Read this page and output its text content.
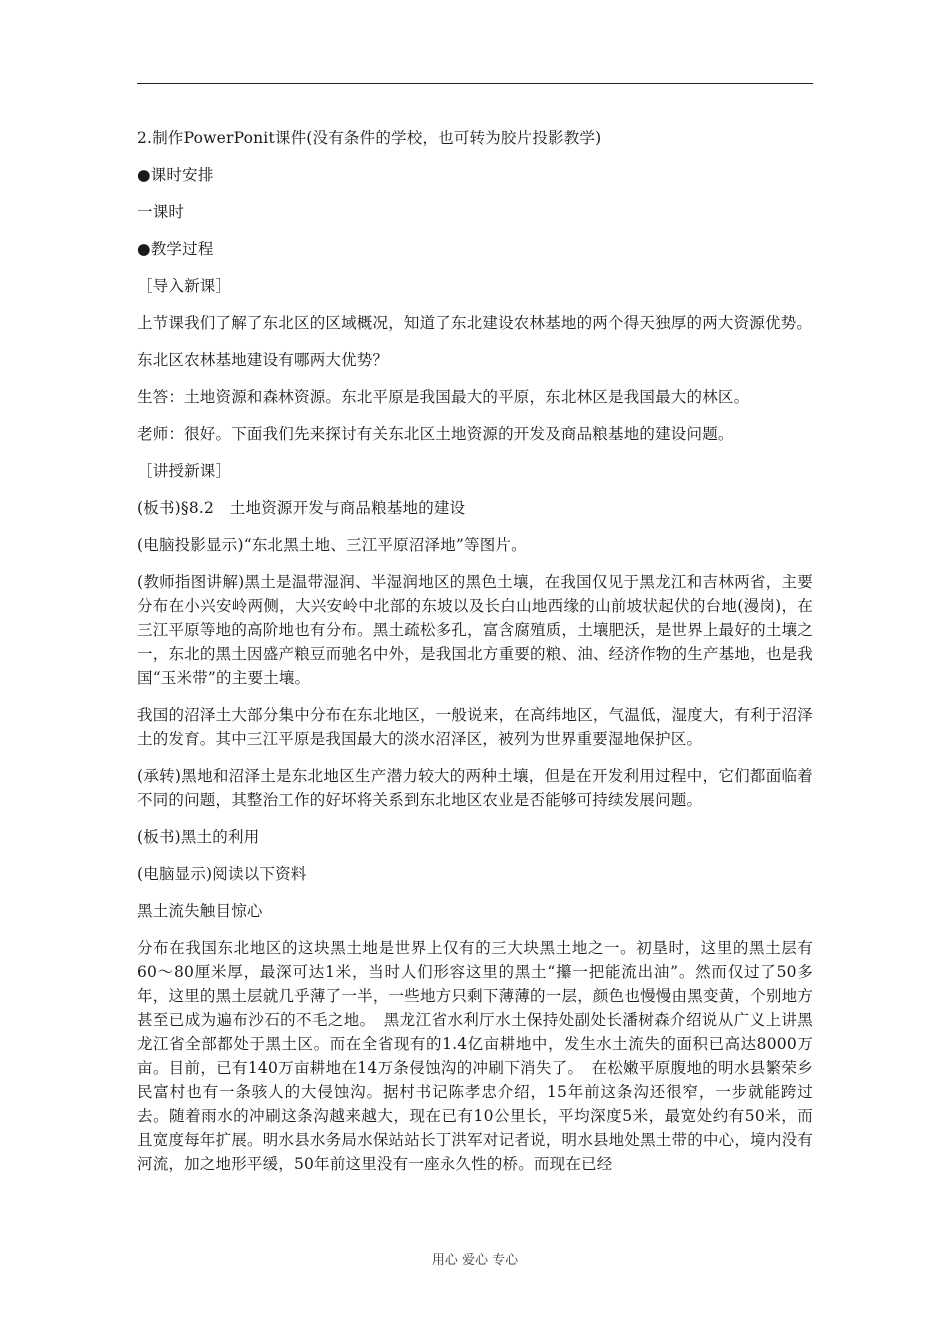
2.制作PowerPonit课件(没有条件的学校，也可转为胶片投影教学)

●课时安排

一课时

●教学过程

［导入新课］

上节课我们了解了东北区的区域概况，知道了东北建设农林基地的两个得天独厚的两大资源优势。

东北区农林基地建设有哪两大优势？

生答：土地资源和森林资源。东北平原是我国最大的平原，东北林区是我国最大的林区。

老师：很好。下面我们先来探讨有关东北区土地资源的开发及商品粮基地的建设问题。

［讲授新课］

(板书)§8.2　土地资源开发与商品粮基地的建设

(电脑投影显示)“东北黑土地、三江平原沼泽地”等图片。

(教师指图讲解)黑土是温带湿润、半湿润地区的黑色土壤，在我国仅见于黑龙江和吉林两省，主要分布在小兴安岭两侧，大兴安岭中北部的东坡以及长白山地西缘的山前坡状起伏的台地(漫岗)，在三江平原等地的高阶地也有分布。黑土疏松多孔，富含腐殖质，土壤肥沃，是世界上最好的土壤之一，东北的黑土因盛产粮豆而驰名中外，是我国北方重要的粮、油、经济作物的生产基地，也是我国“玉米带”的主要土壤。

我国的沼泽土大部分集中分布在东北地区，一般说来，在高纬地区，气温低，湿度大，有利于沼泽土的发育。其中三江平原是我国最大的淡水沼泽区，被列为世界重要湿地保护区。

(承转)黑地和沼泽土是东北地区生产潜力较大的两种土壤，但是在开发利用过程中，它们都面临着不同的问题，其整治工作的好坏将关系到东北地区农业是否能够可持续发展问题。

(板书)黑土的利用

(电脑显示)阅读以下资料

黑土流失触目惊心

分布在我国东北地区的这块黑土地是世界上仅有的三大块黑土地之一。初垦时，这里的黑土层有60～80厘米厚，最深可达1米，当时人们形容这里的黑土“攥一把能流出油”。然而仅过了50多年，这里的黑土层就几乎薄了一半，一些地方只剩下薄薄的一层，颜色也慢慢由黑变黄，个别地方甚至已成为遍布沙石的不毛之地。　黑龙江省水利厅水土保持处副处长潘树森介绍说从广义上讲黑龙江省全部都处于黑土区。而在全省现有的1.4亿亩耕地中，发生水土流失的面积已高达8000万亩。目前，已有140万亩耕地在14万条侵蚀沟的冲刷下消失了。　在松嫩平原腹地的明水县繁荣乡民富村也有一条骇人的大侵蚀沟。据村书记陈孝忠介绍，15年前这条沟还很窄，一步就能跨过去。随着雨水的冲刷这条沟越来越大，现在已有10公里长，平均深度5米，最宽处约有50米，而且宽度每年扩展。明水县水务局水保站站长丁洪军对记者说，明水县地处黑土带的中心，境内没有河流，加之地形平缓，50年前这里没有一座永久性的桥。而现在已经

用心 爱心 专心
